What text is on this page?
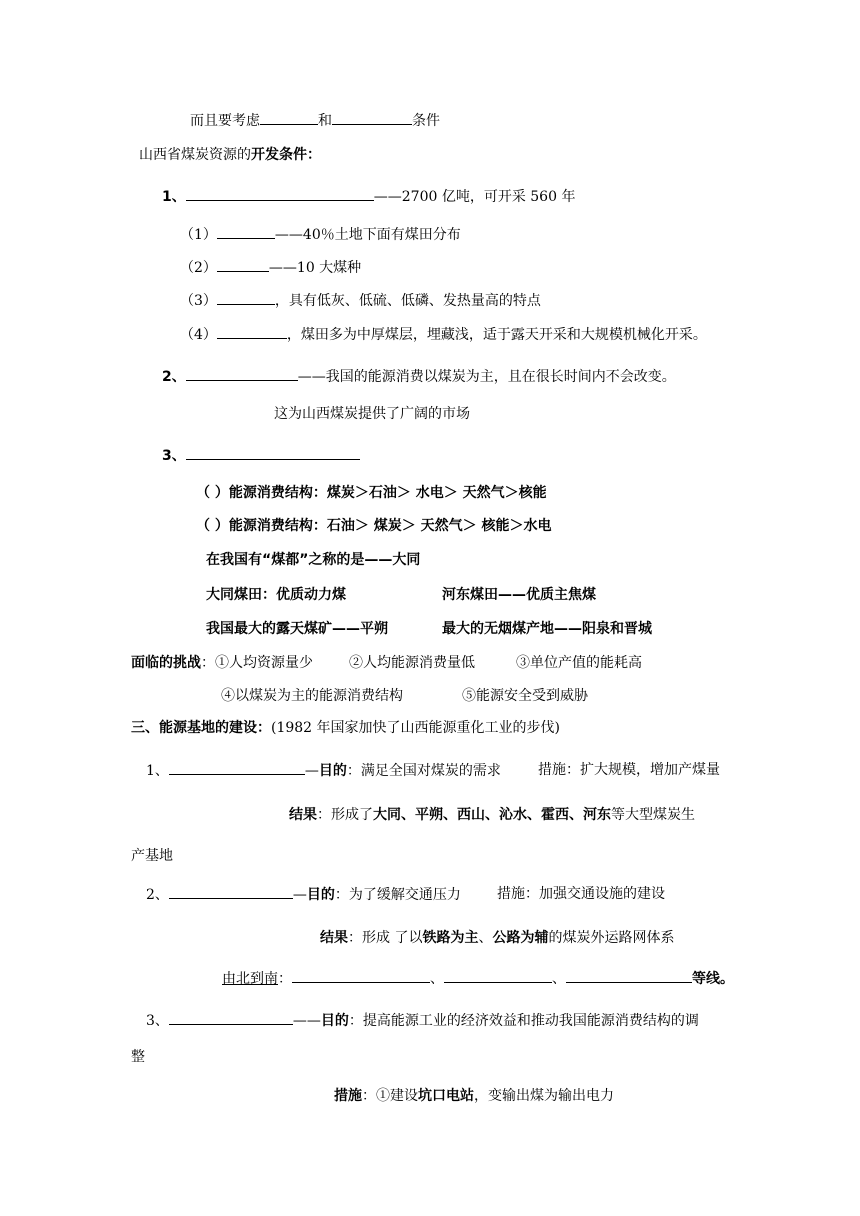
而且要考虑	和	条件
山西省煤炭资源的开发条件：
1、	——2700 亿吨，可开采 560 年
（1）	——40％土地下面有煤田分布
（2）	——10 大煤种
（3）	，具有低灰、低硫、低磷、发热量高的特点
（4）	，煤田多为中厚煤层，埋藏浅，适于露天开采和大规模机械化开采。
2、	——我国的能源消费以煤炭为主，且在很长时间内不会改变。
这为山西煤炭提供了广阔的市场
3、
（ ）能源消费结构：煤炭＞石油＞ 水电＞ 天然气＞核能
（ ）能源消费结构：石油＞ 煤炭＞ 天然气＞ 核能＞水电
在我国有“煤都”之称的是——大同
大同煤田：优质动力煤	河东煤田——优质主焦煤
我国最大的露天煤矿——平朔	最大的无烟煤产地——阳泉和晋城
面临的挑战：①人均资源量少	②人均能源消费量低	③单位产值的能耗高
④以煤炭为主的能源消费结构	⑤能源安全受到威胁
三、能源基地的建设：(1982 年国家加快了山西能源重化工业的步伐)
1、	—目的：满足全国对煤炭的需求	措施：扩大规模，增加产煤量
结果：形成了大同、平朔、西山、沁水、霍西、河东等大型煤炭生
产基地
2、	—目的：为了缓解交通压力	措施：加强交通设施的建设
结果：形成 了以铁路为主、公路为辅的煤炭外运路网体系
由北到南：	、	、	等线。
3、	——目的：提高能源工业的经济效益和推动我国能源消费结构的调
整
措施：①建设坑口电站，变输出煤为输出电力
